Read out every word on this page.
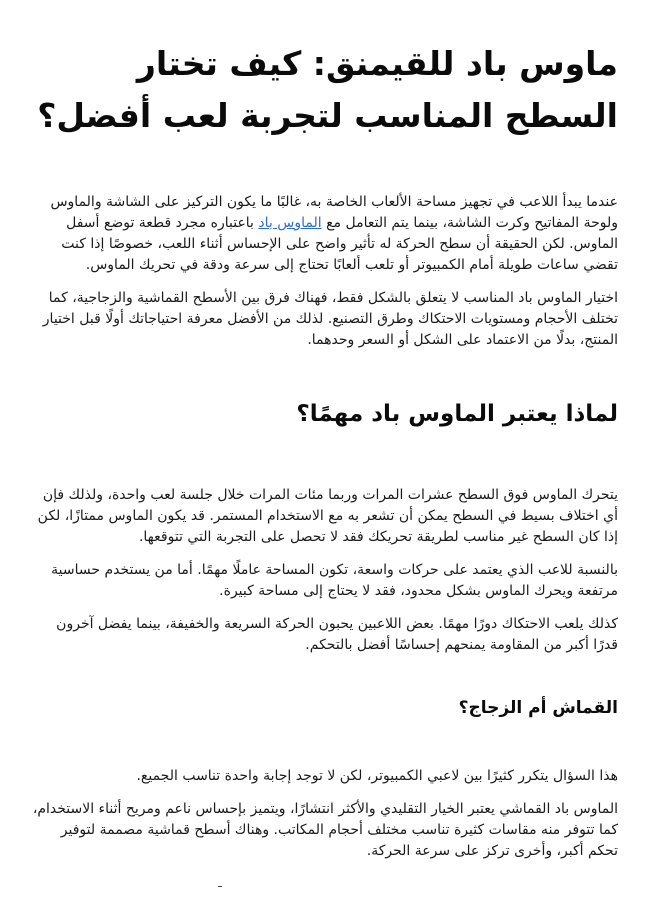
ماوس باد للقيمنق: كيف تختار
السطح المناسب لتجربة لعب أفضل؟

عندما يبدأ اللاعب في تجهيز مساحة الألعاب الخاصة به، غالبًا ما يكون التركيز على الشاشة والماوس ولوحة المفاتيح وكرت الشاشة، بينما يتم التعامل مع الماوس باد باعتباره مجرد قطعة توضع أسفل الماوس. لكن الحقيقة أن سطح الحركة له تأثير واضح على الإحساس أثناء اللعب، خصوصًا إذا كنت تقضي ساعات طويلة أمام الكمبيوتر أو تلعب ألعابًا تحتاج إلى سرعة ودقة في تحريك الماوس.

اختيار الماوس باد المناسب لا يتعلق بالشكل فقط، فهناك فرق بين الأسطح القماشية والزجاجية، كما تختلف الأحجام ومستويات الاحتكاك وطرق التصنيع. لذلك من الأفضل معرفة احتياجاتك أولًا قبل اختيار المنتج، بدلًا من الاعتماد على الشكل أو السعر وحدهما.

لماذا يعتبر الماوس باد مهمًا؟

يتحرك الماوس فوق السطح عشرات المرات وربما مئات المرات خلال جلسة لعب واحدة، ولذلك فإن أي اختلاف بسيط في السطح يمكن أن تشعر به مع الاستخدام المستمر. قد يكون الماوس ممتازًا، لكن إذا كان السطح غير مناسب لطريقة تحريكك فقد لا تحصل على التجربة التي تتوقعها.

بالنسبة للاعب الذي يعتمد على حركات واسعة، تكون المساحة عاملًا مهمًا. أما من يستخدم حساسية مرتفعة ويحرك الماوس بشكل محدود، فقد لا يحتاج إلى مساحة كبيرة.

كذلك يلعب الاحتكاك دورًا مهمًا. بعض اللاعبين يحبون الحركة السريعة والخفيفة، بينما يفضل آخرون قدرًا أكبر من المقاومة يمنحهم إحساسًا أفضل بالتحكم.

القماش أم الزجاج؟

هذا السؤال يتكرر كثيرًا بين لاعبي الكمبيوتر، لكن لا توجد إجابة واحدة تناسب الجميع.

الماوس باد القماشي يعتبر الخيار التقليدي والأكثر انتشارًا، ويتميز بإحساس ناعم ومريح أثناء الاستخدام، كما تتوفر منه مقاسات كثيرة تناسب مختلف أحجام المكاتب. وهناك أسطح قماشية مصممة لتوفير تحكم أكبر، وأخرى تركز على سرعة الحركة.
